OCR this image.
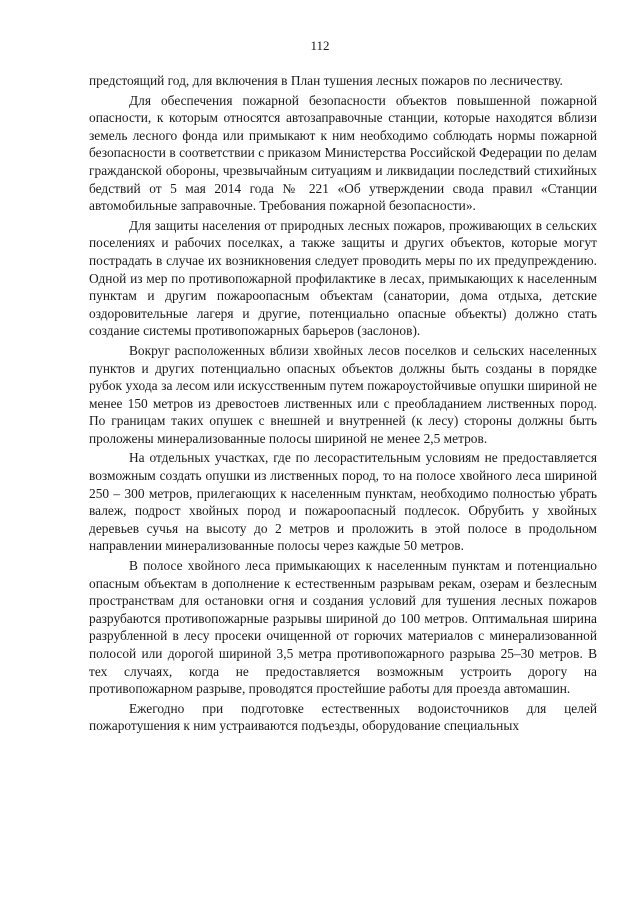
112

предстоящий год, для включения в План тушения лесных пожаров по лесничеству.

Для обеспечения пожарной безопасности объектов повышенной пожарной опасности, к которым относятся автозаправочные станции, которые находятся вблизи земель лесного фонда или примыкают к ним необходимо соблюдать нормы пожарной безопасности в соответствии с приказом Министерства Российской Федерации по делам гражданской обороны, чрезвычайным ситуациям и ликвидации последствий стихийных бедствий от 5 мая 2014 года № 221 «Об утверждении свода правил «Станции автомобильные заправочные. Требования пожарной безопасности».

Для защиты населения от природных лесных пожаров, проживающих в сельских поселениях и рабочих поселках, а также защиты и других объектов, которые могут пострадать в случае их возникновения следует проводить меры по их предупреждению. Одной из мер по противопожарной профилактике в лесах, примыкающих к населенным пунктам и другим пожароопасным объектам (санатории, дома отдыха, детские оздоровительные лагеря и другие, потенциально опасные объекты) должно стать создание системы противопожарных барьеров (заслонов).

Вокруг расположенных вблизи хвойных лесов поселков и сельских населенных пунктов и других потенциально опасных объектов должны быть созданы в порядке рубок ухода за лесом или искусственным путем пожароустойчивые опушки шириной не менее 150 метров из древостоев лиственных или с преобладанием лиственных пород. По границам таких опушек с внешней и внутренней (к лесу) стороны должны быть проложены минерализованные полосы шириной не менее 2,5 метров.

На отдельных участках, где по лесорастительным условиям не предоставляется возможным создать опушки из лиственных пород, то на полосе хвойного леса шириной 250 – 300 метров, прилегающих к населенным пунктам, необходимо полностью убрать валеж, подрост хвойных пород и пожароопасный подлесок. Обрубить у хвойных деревьев сучья на высоту до 2 метров и проложить в этой полосе в продольном направлении минерализованные полосы через каждые 50 метров.

В полосе хвойного леса примыкающих к населенным пунктам и потенциально опасным объектам в дополнение к естественным разрывам рекам, озерам и безлесным пространствам для остановки огня и создания условий для тушения лесных пожаров разрубаются противопожарные разрывы шириной до 100 метров. Оптимальная ширина разрубленной в лесу просеки очищенной от горючих материалов с минерализованной полосой или дорогой шириной 3,5 метра противопожарного разрыва 25–30 метров. В тех случаях, когда не предоставляется возможным устроить дорогу на противопожарном разрыве, проводятся простейшие работы для проезда автомашин.

Ежегодно при подготовке естественных водоисточников для целей пожаротушения к ним устраиваются подъезды, оборудование специальных
